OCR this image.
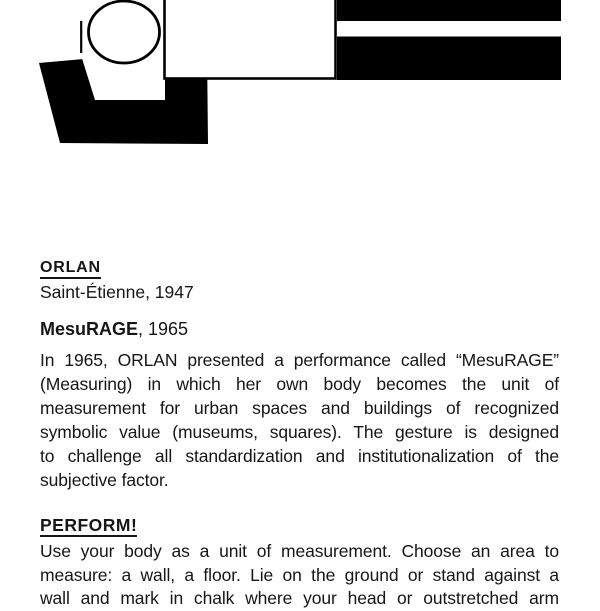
ORLAN
Saint-Étienne, 1947
MesuRAGE, 1965
In 1965, ORLAN presented a performance called “MesuRAGE”
(Measuring) in which her own body becomes the unit of
measurement for urban spaces and buildings of recognized
symbolic value (museums, squares). The gesture is designed
to challenge all standardization and institutionalization of the
subjective factor.
PERFORM!
Use your body as a unit of measurement. Choose an area to
measure: a wall, a floor. Lie on the ground or stand against a
wall and mark in chalk where your head or outstretched arm
